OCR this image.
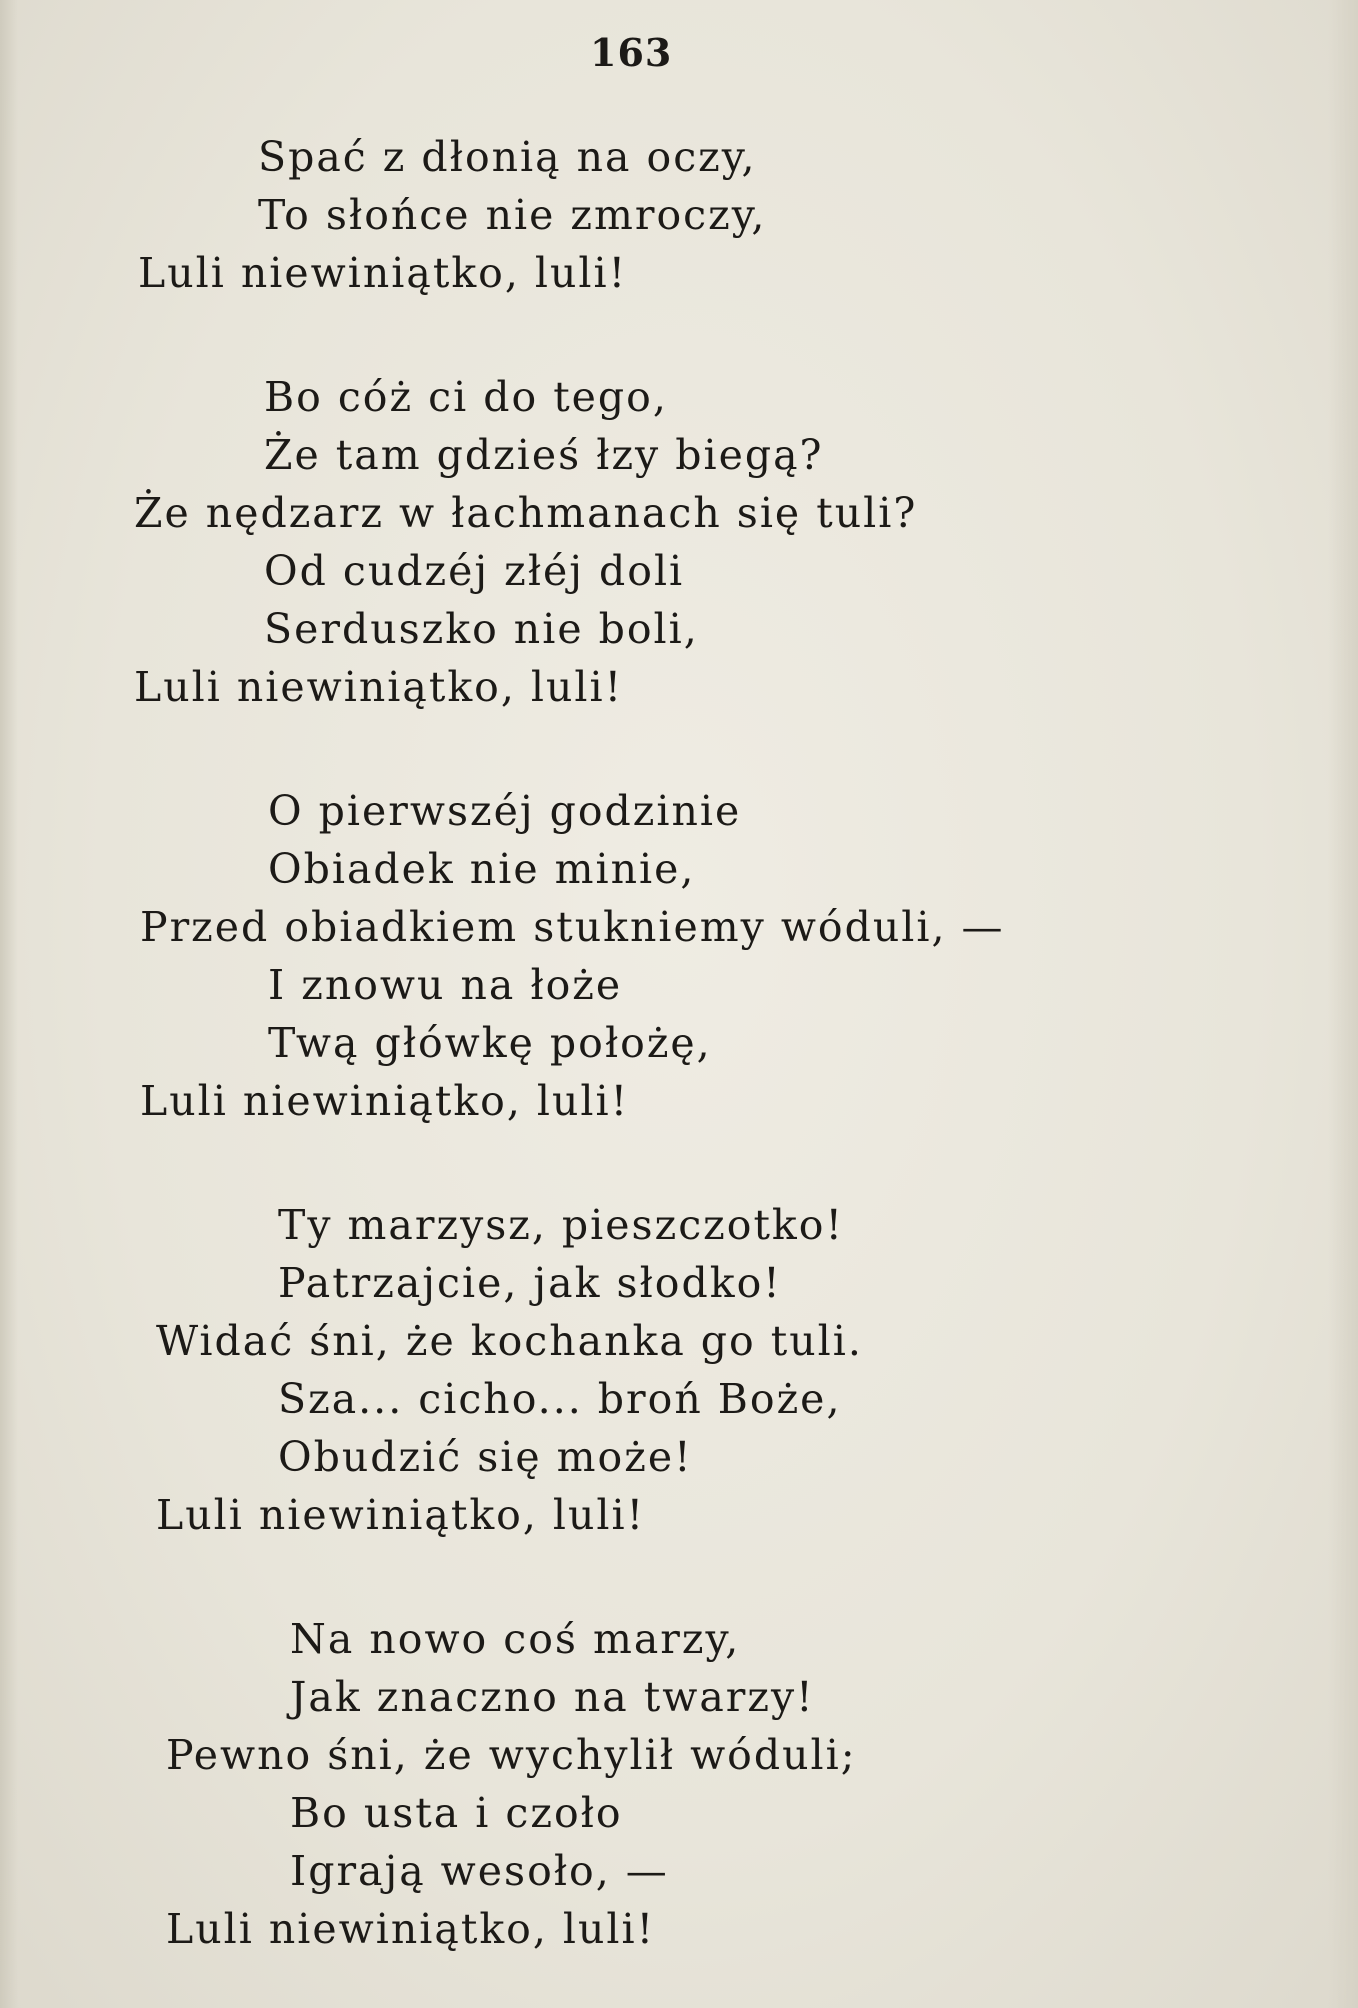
163
Spać z dłonią na oczy,
To słońce nie zmroczy,
Luli niewiniątko, luli!
Bo cóż ci do tego,
Że tam gdzieś łzy biegą?
Że nędzarz w łachmanach się tuli?
Od cudzéj złéj doli
Serduszko nie boli,
Luli niewiniątko, luli!
O pierwszéj godzinie
Obiadek nie minie,
Przed obiadkiem stukniemy wóduli, —
I znowu na łoże
Twą główkę położę,
Luli niewiniątko, luli!
Ty marzysz, pieszczotko!
Patrzajcie, jak słodko!
Widać śni, że kochanka go tuli.
Sza... cicho... broń Boże,
Obudzić się może!
Luli niewiniątko, luli!
Na nowo coś marzy,
Jak znaczno na twarzy!
Pewno śni, że wychylił wóduli;
Bo usta i czoło
Igrają wesoło, —
Luli niewiniątko, luli!
